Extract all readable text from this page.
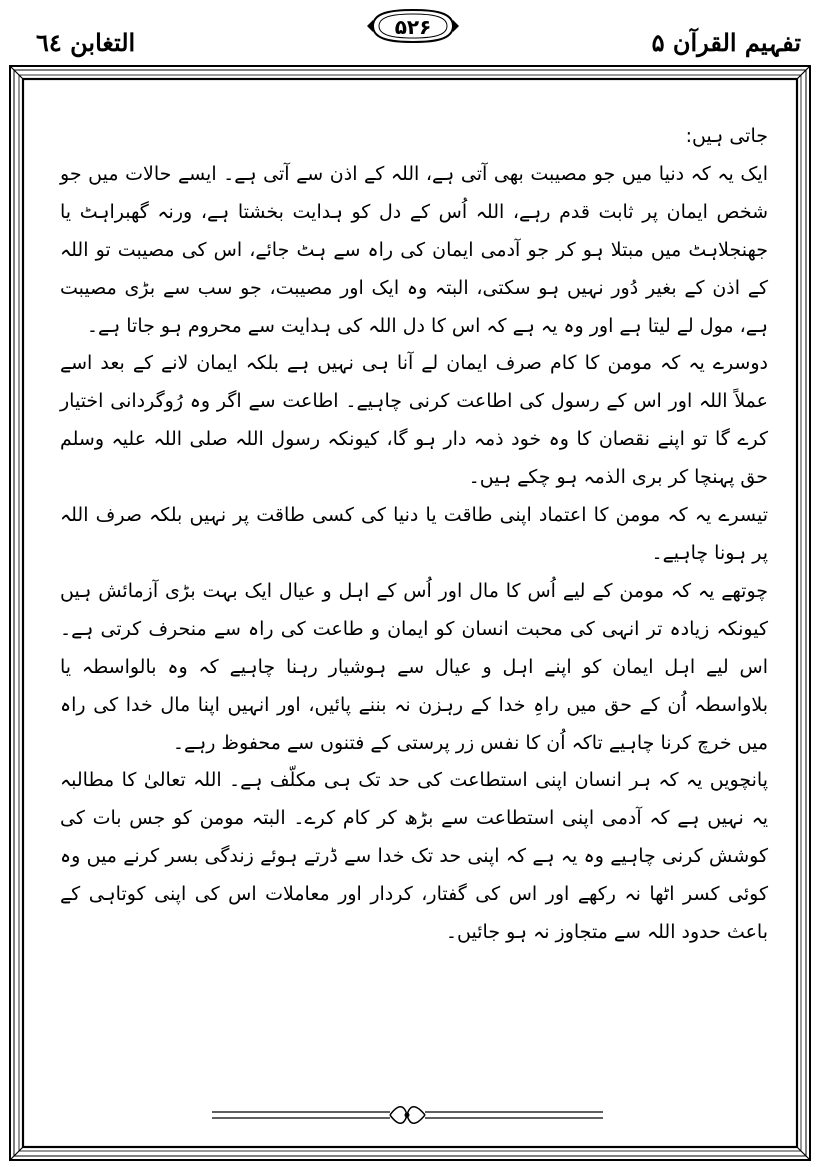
تفہیم القرآن ۵
۵۲۶
التغابن ٦٤

جاتی ہیں:

ایک یہ کہ دنیا میں جو مصیبت بھی آتی ہے، اللہ کے اذن سے آتی ہے۔ ایسے حالات میں جو شخص ایمان پر ثابت قدم رہے، اللہ اُس کے دل کو ہدایت بخشتا ہے، ورنہ گھبراہٹ یا جھنجلاہٹ میں مبتلا ہو کر جو آدمی ایمان کی راہ سے ہٹ جائے، اس کی مصیبت تو اللہ کے اذن کے بغیر دُور نہیں ہو سکتی، البتہ وہ ایک اور مصیبت، جو سب سے بڑی مصیبت ہے، مول لے لیتا ہے اور وہ یہ ہے کہ اس کا دل اللہ کی ہدایت سے محروم ہو جاتا ہے۔

دوسرے یہ کہ مومن کا کام صرف ایمان لے آنا ہی نہیں ہے بلکہ ایمان لانے کے بعد اسے عملاً اللہ اور اس کے رسول کی اطاعت کرنی چاہیے۔ اطاعت سے اگر وہ رُوگردانی اختیار کرے گا تو اپنے نقصان کا وہ خود ذمہ دار ہو گا، کیونکہ رسول اللہ صلی اللہ علیہ وسلم حق پہنچا کر بری الذمہ ہو چکے ہیں۔

تیسرے یہ کہ مومن کا اعتماد اپنی طاقت یا دنیا کی کسی طاقت پر نہیں بلکہ صرف اللہ پر ہونا چاہیے۔

چوتھے یہ کہ مومن کے لیے اُس کا مال اور اُس کے اہل و عیال ایک بہت بڑی آزمائش ہیں کیونکہ زیادہ تر انہی کی محبت انسان کو ایمان و طاعت کی راہ سے منحرف کرتی ہے۔ اس لیے اہل ایمان کو اپنے اہل و عیال سے ہوشیار رہنا چاہیے کہ وہ بالواسطہ یا بلاواسطہ اُن کے حق میں راہِ خدا کے رہزن نہ بننے پائیں، اور انہیں اپنا مال خدا کی راہ میں خرچ کرنا چاہیے تاکہ اُن کا نفس زر پرستی کے فتنوں سے محفوظ رہے۔

پانچویں یہ کہ ہر انسان اپنی استطاعت کی حد تک ہی مکلّف ہے۔ اللہ تعالیٰ کا مطالبہ یہ نہیں ہے کہ آدمی اپنی استطاعت سے بڑھ کر کام کرے۔ البتہ مومن کو جس بات کی کوشش کرنی چاہیے وہ یہ ہے کہ اپنی حد تک خدا سے ڈرتے ہوئے زندگی بسر کرنے میں وہ کوئی کسر اٹھا نہ رکھے اور اس کی گفتار، کردار اور معاملات اس کی اپنی کوتاہی کے باعث حدود اللہ سے متجاوز نہ ہو جائیں۔
